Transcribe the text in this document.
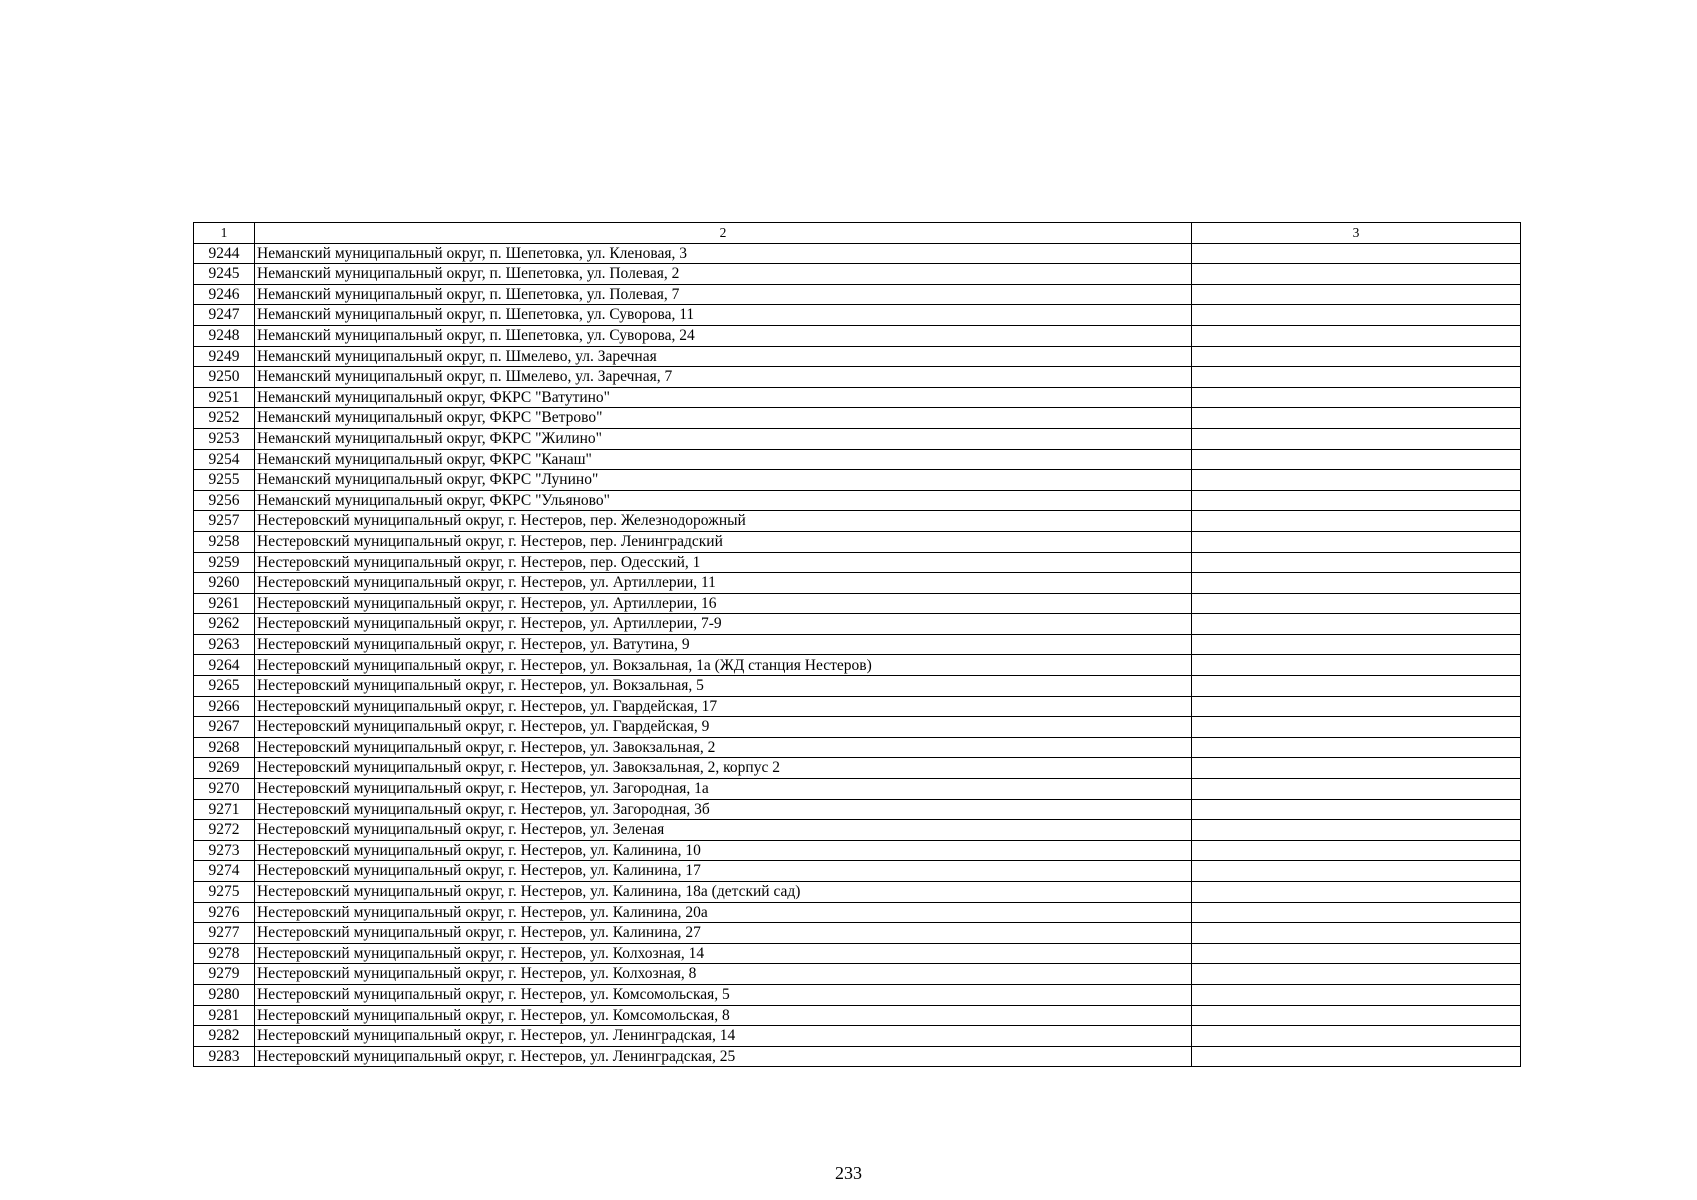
1	2	3
9244	Неманский муниципальный округ, п. Шепетовка, ул. Кленовая, 3	
9245	Неманский муниципальный округ, п. Шепетовка, ул. Полевая, 2	
9246	Неманский муниципальный округ, п. Шепетовка, ул. Полевая, 7	
9247	Неманский муниципальный округ, п. Шепетовка, ул. Суворова, 11	
9248	Неманский муниципальный округ, п. Шепетовка, ул. Суворова, 24	
9249	Неманский муниципальный округ, п. Шмелево, ул. Заречная	
9250	Неманский муниципальный округ, п. Шмелево, ул. Заречная, 7	
9251	Неманский муниципальный округ, ФКРС "Ватутино"	
9252	Неманский муниципальный округ, ФКРС "Ветрово"	
9253	Неманский муниципальный округ, ФКРС "Жилино"	
9254	Неманский муниципальный округ, ФКРС "Канаш"	
9255	Неманский муниципальный округ, ФКРС "Лунино"	
9256	Неманский муниципальный округ, ФКРС "Ульяново"	
9257	Нестеровский муниципальный округ, г. Нестеров, пер. Железнодорожный	
9258	Нестеровский муниципальный округ, г. Нестеров, пер. Ленинградский	
9259	Нестеровский муниципальный округ, г. Нестеров, пер. Одесский, 1	
9260	Нестеровский муниципальный округ, г. Нестеров, ул. Артиллерии, 11	
9261	Нестеровский муниципальный округ, г. Нестеров, ул. Артиллерии, 16	
9262	Нестеровский муниципальный округ, г. Нестеров, ул. Артиллерии, 7-9	
9263	Нестеровский муниципальный округ, г. Нестеров, ул. Ватутина, 9	
9264	Нестеровский муниципальный округ, г. Нестеров, ул. Вокзальная, 1а (ЖД станция Нестеров)	
9265	Нестеровский муниципальный округ, г. Нестеров, ул. Вокзальная, 5	
9266	Нестеровский муниципальный округ, г. Нестеров, ул. Гвардейская, 17	
9267	Нестеровский муниципальный округ, г. Нестеров, ул. Гвардейская, 9	
9268	Нестеровский муниципальный округ, г. Нестеров, ул. Завокзальная, 2	
9269	Нестеровский муниципальный округ, г. Нестеров, ул. Завокзальная, 2, корпус 2	
9270	Нестеровский муниципальный округ, г. Нестеров, ул. Загородная, 1а	
9271	Нестеровский муниципальный округ, г. Нестеров, ул. Загородная, 3б	
9272	Нестеровский муниципальный округ, г. Нестеров, ул. Зеленая	
9273	Нестеровский муниципальный округ, г. Нестеров, ул. Калинина, 10	
9274	Нестеровский муниципальный округ, г. Нестеров, ул. Калинина, 17	
9275	Нестеровский муниципальный округ, г. Нестеров, ул. Калинина, 18а (детский сад)	
9276	Нестеровский муниципальный округ, г. Нестеров, ул. Калинина, 20а	
9277	Нестеровский муниципальный округ, г. Нестеров, ул. Калинина, 27	
9278	Нестеровский муниципальный округ, г. Нестеров, ул. Колхозная, 14	
9279	Нестеровский муниципальный округ, г. Нестеров, ул. Колхозная, 8	
9280	Нестеровский муниципальный округ, г. Нестеров, ул. Комсомольская, 5	
9281	Нестеровский муниципальный округ, г. Нестеров, ул. Комсомольская, 8	
9282	Нестеровский муниципальный округ, г. Нестеров, ул. Ленинградская, 14	
9283	Нестеровский муниципальный округ, г. Нестеров, ул. Ленинградская, 25	
233
